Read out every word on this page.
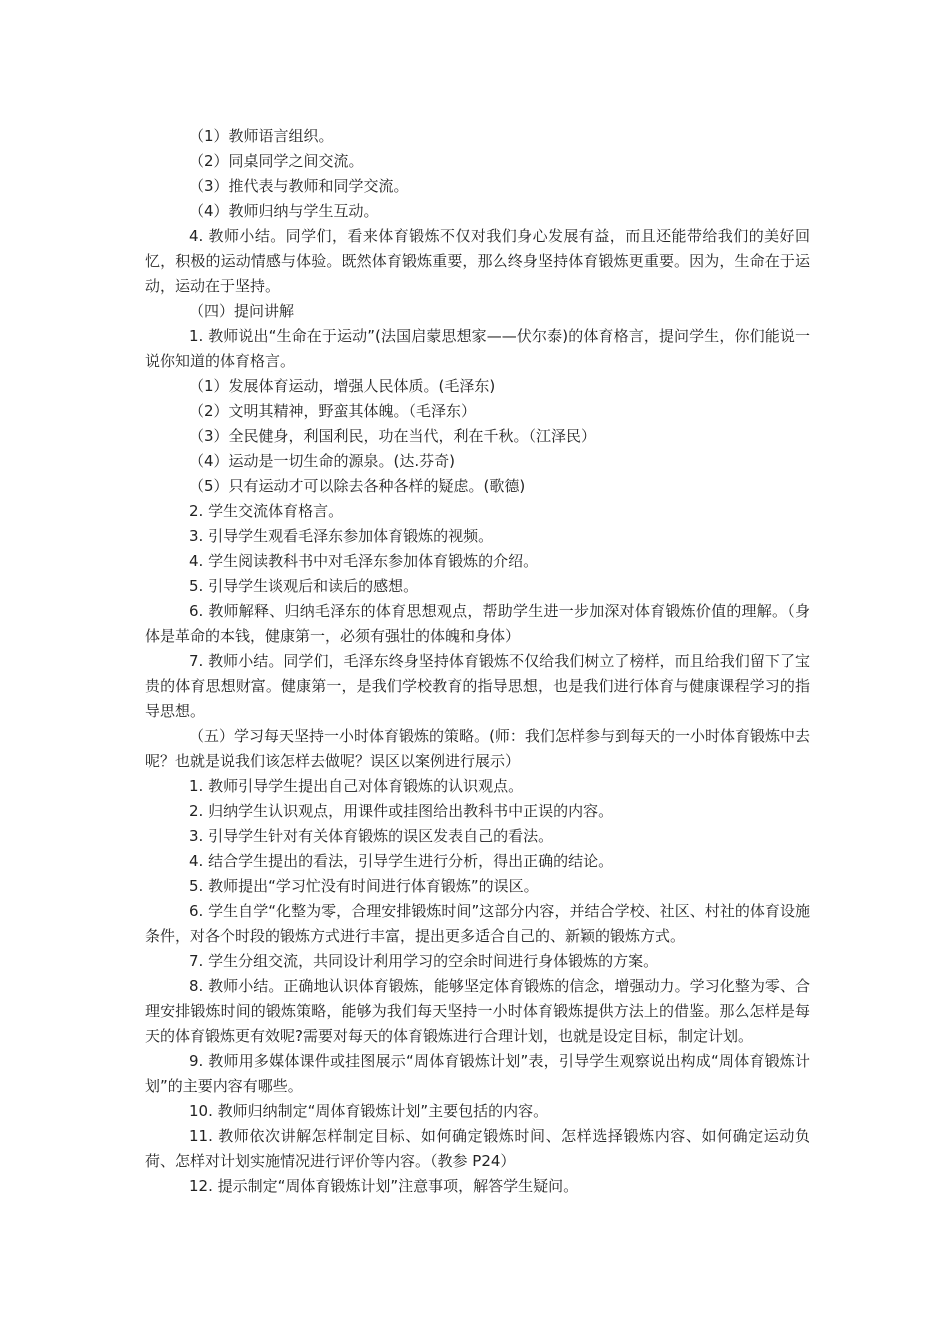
（1）教师语言组织。

（2）同桌同学之间交流。

（3）推代表与教师和同学交流。

（4）教师归纳与学生互动。

4. 教师小结。同学们，看来体育锻炼不仅对我们身心发展有益，而且还能带给我们的美好回忆，积极的运动情感与体验。既然体育锻炼重要，那么终身坚持体育锻炼更重要。因为，生命在于运动，运动在于坚持。

（四）提问讲解

1. 教师说出“生命在于运动”(法国启蒙思想家——伏尔泰)的体育格言，提问学生，你们能说一说你知道的体育格言。

（1）发展体育运动，增强人民体质。(毛泽东)

（2）文明其精神，野蛮其体魄。（毛泽东）

（3）全民健身，利国利民，功在当代，利在千秋。（江泽民）

（4）运动是一切生命的源泉。(达.芬奇)

（5）只有运动才可以除去各种各样的疑虑。(歌德)

2. 学生交流体育格言。

3. 引导学生观看毛泽东参加体育锻炼的视频。

4. 学生阅读教科书中对毛泽东参加体育锻炼的介绍。

5. 引导学生谈观后和读后的感想。

6. 教师解释、归纳毛泽东的体育思想观点，帮助学生进一步加深对体育锻炼价值的理解。（身体是革命的本钱，健康第一，必须有强壮的体魄和身体）

7. 教师小结。同学们，毛泽东终身坚持体育锻炼不仅给我们树立了榜样，而且给我们留下了宝贵的体育思想财富。健康第一，是我们学校教育的指导思想，也是我们进行体育与健康课程学习的指导思想。

（五）学习每天坚持一小时体育锻炼的策略。(师：我们怎样参与到每天的一小时体育锻炼中去呢？也就是说我们该怎样去做呢？误区以案例进行展示）

1. 教师引导学生提出自己对体育锻炼的认识观点。

2. 归纳学生认识观点，用课件或挂图给出教科书中正误的内容。

3. 引导学生针对有关体育锻炼的误区发表自己的看法。

4. 结合学生提出的看法，引导学生进行分析，得出正确的结论。

5. 教师提出“学习忙没有时间进行体育锻炼”的误区。

6. 学生自学“化整为零，合理安排锻炼时间”这部分内容，并结合学校、社区、村社的体育设施条件，对各个时段的锻炼方式进行丰富，提出更多适合自己的、新颖的锻炼方式。

7. 学生分组交流，共同设计利用学习的空余时间进行身体锻炼的方案。

8. 教师小结。正确地认识体育锻炼，能够坚定体育锻炼的信念，增强动力。学习化整为零、合理安排锻炼时间的锻炼策略，能够为我们每天坚持一小时体育锻炼提供方法上的借鉴。那么怎样是每天的体育锻炼更有效呢?需要对每天的体育锻炼进行合理计划，也就是设定目标，制定计划。

9. 教师用多媒体课件或挂图展示“周体育锻炼计划”表，引导学生观察说出构成“周体育锻炼计划”的主要内容有哪些。

10. 教师归纳制定“周体育锻炼计划”主要包括的内容。

11. 教师依次讲解怎样制定目标、如何确定锻炼时间、怎样选择锻炼内容、如何确定运动负荷、怎样对计划实施情况进行评价等内容。（教参 P24）

12. 提示制定“周体育锻炼计划”注意事项，解答学生疑问。
